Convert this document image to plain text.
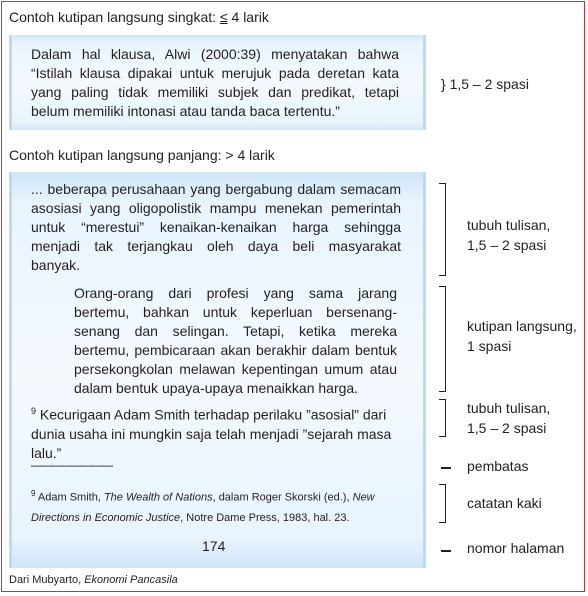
Contoh kutipan langsung singkat: ≤ 4 larik
Dalam hal klausa, Alwi (2000:39) menyatakan bahwa
“Istilah klausa dipakai untuk merujuk pada deretan kata
yang paling tidak memiliki subjek dan predikat, tetapi
belum memiliki intonasi atau tanda baca tertentu.”
} 1,5 – 2 spasi
Contoh kutipan langsung panjang: > 4 larik
... beberapa perusahaan yang bergabung dalam semacam
asosiasi yang oligopolistik mampu menekan pemerintah
untuk “merestui” kenaikan-kenaikan harga sehingga
menjadi tak terjangkau oleh daya beli masyarakat
banyak.
Orang-orang dari profesi yang sama jarang
bertemu, bahkan untuk keperluan bersenang-
senang dan selingan. Tetapi, ketika mereka
bertemu, pembicaraan akan berakhir dalam bentuk
persekongkolan melawan kepentingan umum atau
dalam bentuk upaya-upaya menaikkan harga.
$^9$ Kecurigaan Adam Smith terhadap perilaku ”asosial” dari
dunia usaha ini mungkin saja telah menjadi ”sejarah masa
lalu.”
————————
$^9$ Adam Smith, The Wealth of Nations, dalam Roger Skorski (ed.), New
Directions in Economic Justice, Notre Dame Press, 1983, hal. 23.
174
tubuh tulisan,
1,5 – 2 spasi
kutipan langsung,
1 spasi
tubuh tulisan,
1,5 – 2 spasi
pembatas
catatan kaki
nomor halaman
Dari Mubyarto, Ekonomi Pancasila
